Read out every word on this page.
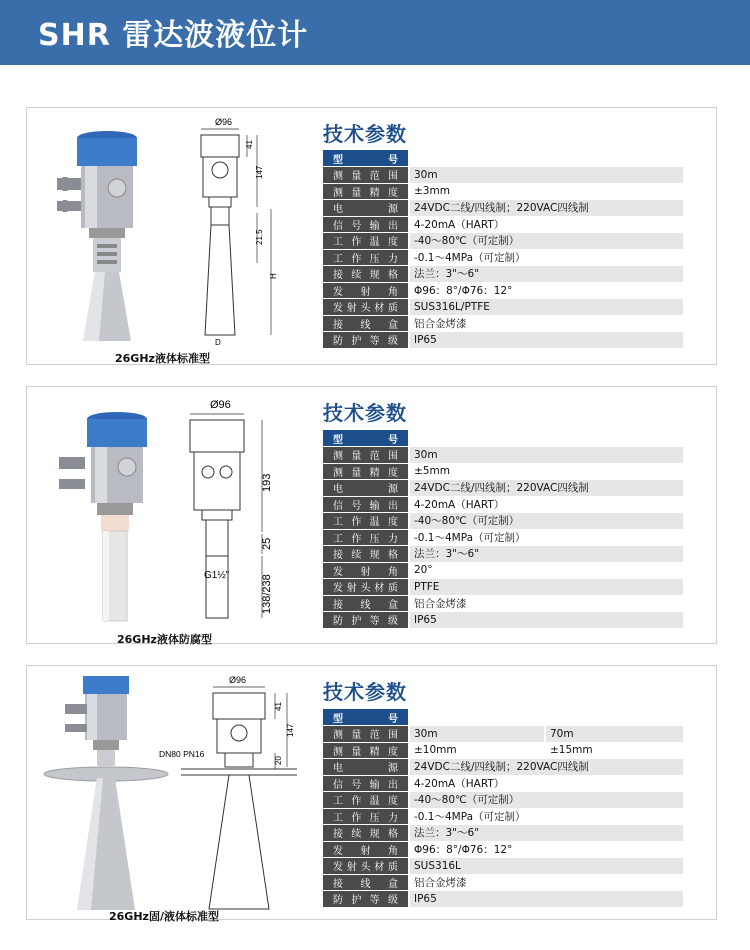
SHR 雷达波液位计
Ø96
41
147
21.5
H
D
26GHz液体标准型
技术参数
型　号	SHR20
测量范围	30m
测量精度	±3mm
电　源	24VDC二线/四线制；220VAC四线制
信号输出	4-20mA（HART）
工作温度	-40～80℃（可定制）
工作压力	-0.1～4MPa（可定制）
接续规格	法兰：3"～6"
发射角	Φ96：8°/Φ76：12°
发射头材质	SUS316L/PTFE
接线盒	铝合金烤漆
防护等级	IP65
Ø96
193
25
138/238
G1½"
26GHz液体防腐型
技术参数
型　号	SHR21
测量范围	30m
测量精度	±5mm
电　源	24VDC二线/四线制；220VAC四线制
信号输出	4-20mA（HART）
工作温度	-40～80℃（可定制）
工作压力	-0.1～4MPa（可定制）
接续规格	法兰：3"～6"
发射角	20°
发射头材质	PTFE
接线盒	铝合金烤漆
防护等级	IP65
Ø96
DN80 PN16
41
147
20
26GHz固/液体标准型
技术参数
型　号	SHR22	SHR23
测量范围	30m	70m
测量精度	±10mm	±15mm
电　源	24VDC二线/四线制；220VAC四线制	
信号输出	4-20mA（HART）	
工作温度	-40～80℃（可定制）	
工作压力	-0.1～4MPa（可定制）	
接续规格	法兰：3"～6"	
发射角	Φ96：8°/Φ76：12°	
发射头材质	SUS316L	
接线盒	铝合金烤漆	
防护等级	IP65	
